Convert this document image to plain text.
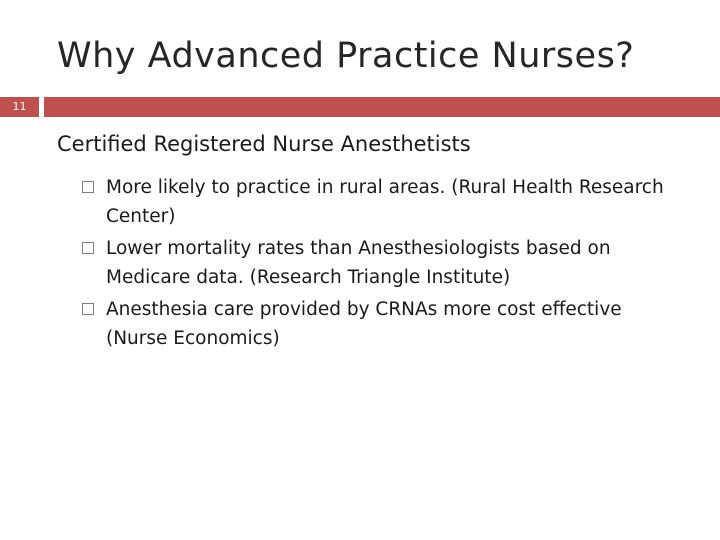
Why Advanced Practice Nurses?
11
Certified Registered Nurse Anesthetists
More likely to practice in rural areas. (Rural Health Research Center)
Lower mortality rates than Anesthesiologists based on Medicare data. (Research Triangle Institute)
Anesthesia care provided by CRNAs more cost effective (Nurse Economics)
